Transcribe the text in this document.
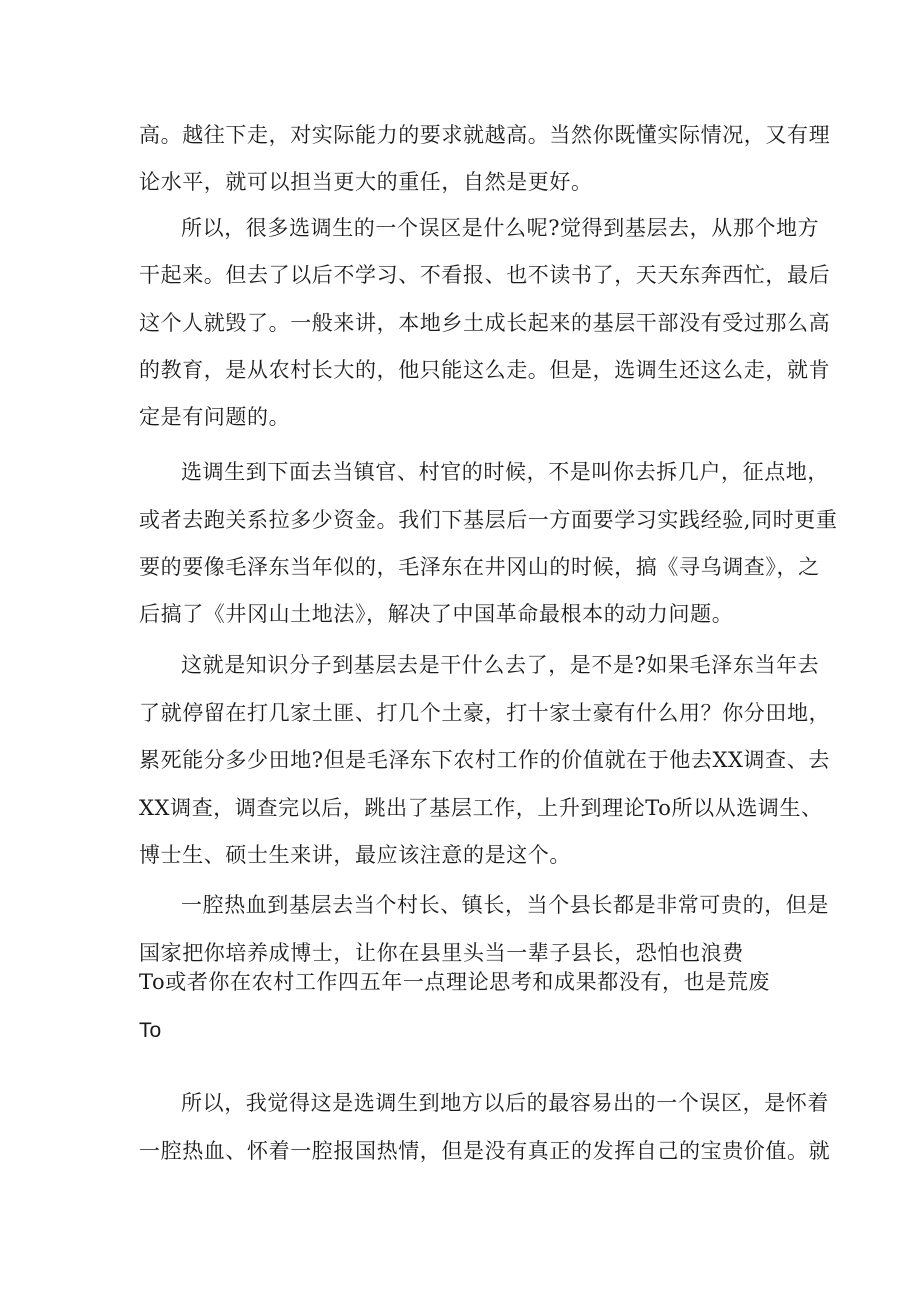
高。越往下走，对实际能力的要求就越高。当然你既懂实际情况，又有理
论水平，就可以担当更大的重任，自然是更好。
所以，很多选调生的一个误区是什么呢?觉得到基层去，从那个地方
干起来。但去了以后不学习、不看报、也不读书了，天天东奔西忙，最后
这个人就毁了。一般来讲，本地乡土成长起来的基层干部没有受过那么高
的教育，是从农村长大的，他只能这么走。但是，选调生还这么走，就肯
定是有问题的。
选调生到下面去当镇官、村官的时候，不是叫你去拆几户，征点地，
或者去跑关系拉多少资金。我们下基层后一方面要学习实践经验,同时更重
要的要像毛泽东当年似的，毛泽东在井冈山的时候，搞《寻乌调查》，之
后搞了《井冈山土地法》，解决了中国革命最根本的动力问题。
这就是知识分子到基层去是干什么去了，是不是?如果毛泽东当年去
了就停留在打几家土匪、打几个土豪，打十家士豪有什么用？你分田地，
累死能分多少田地?但是毛泽东下农村工作的价值就在于他去XX调查、去
XX调查，调查完以后，跳出了基层工作，上升到理论To所以从选调生、
博士生、硕士生来讲，最应该注意的是这个。
一腔热血到基层去当个村长、镇长，当个县长都是非常可贵的，但是
国家把你培养成博士，让你在县里头当一辈子县长，恐怕也浪费
To或者你在农村工作四五年一点理论思考和成果都没有，也是荒废
To
所以，我觉得这是选调生到地方以后的最容易出的一个误区，是怀着
一腔热血、怀着一腔报国热情，但是没有真正的发挥自己的宝贵价值。就
